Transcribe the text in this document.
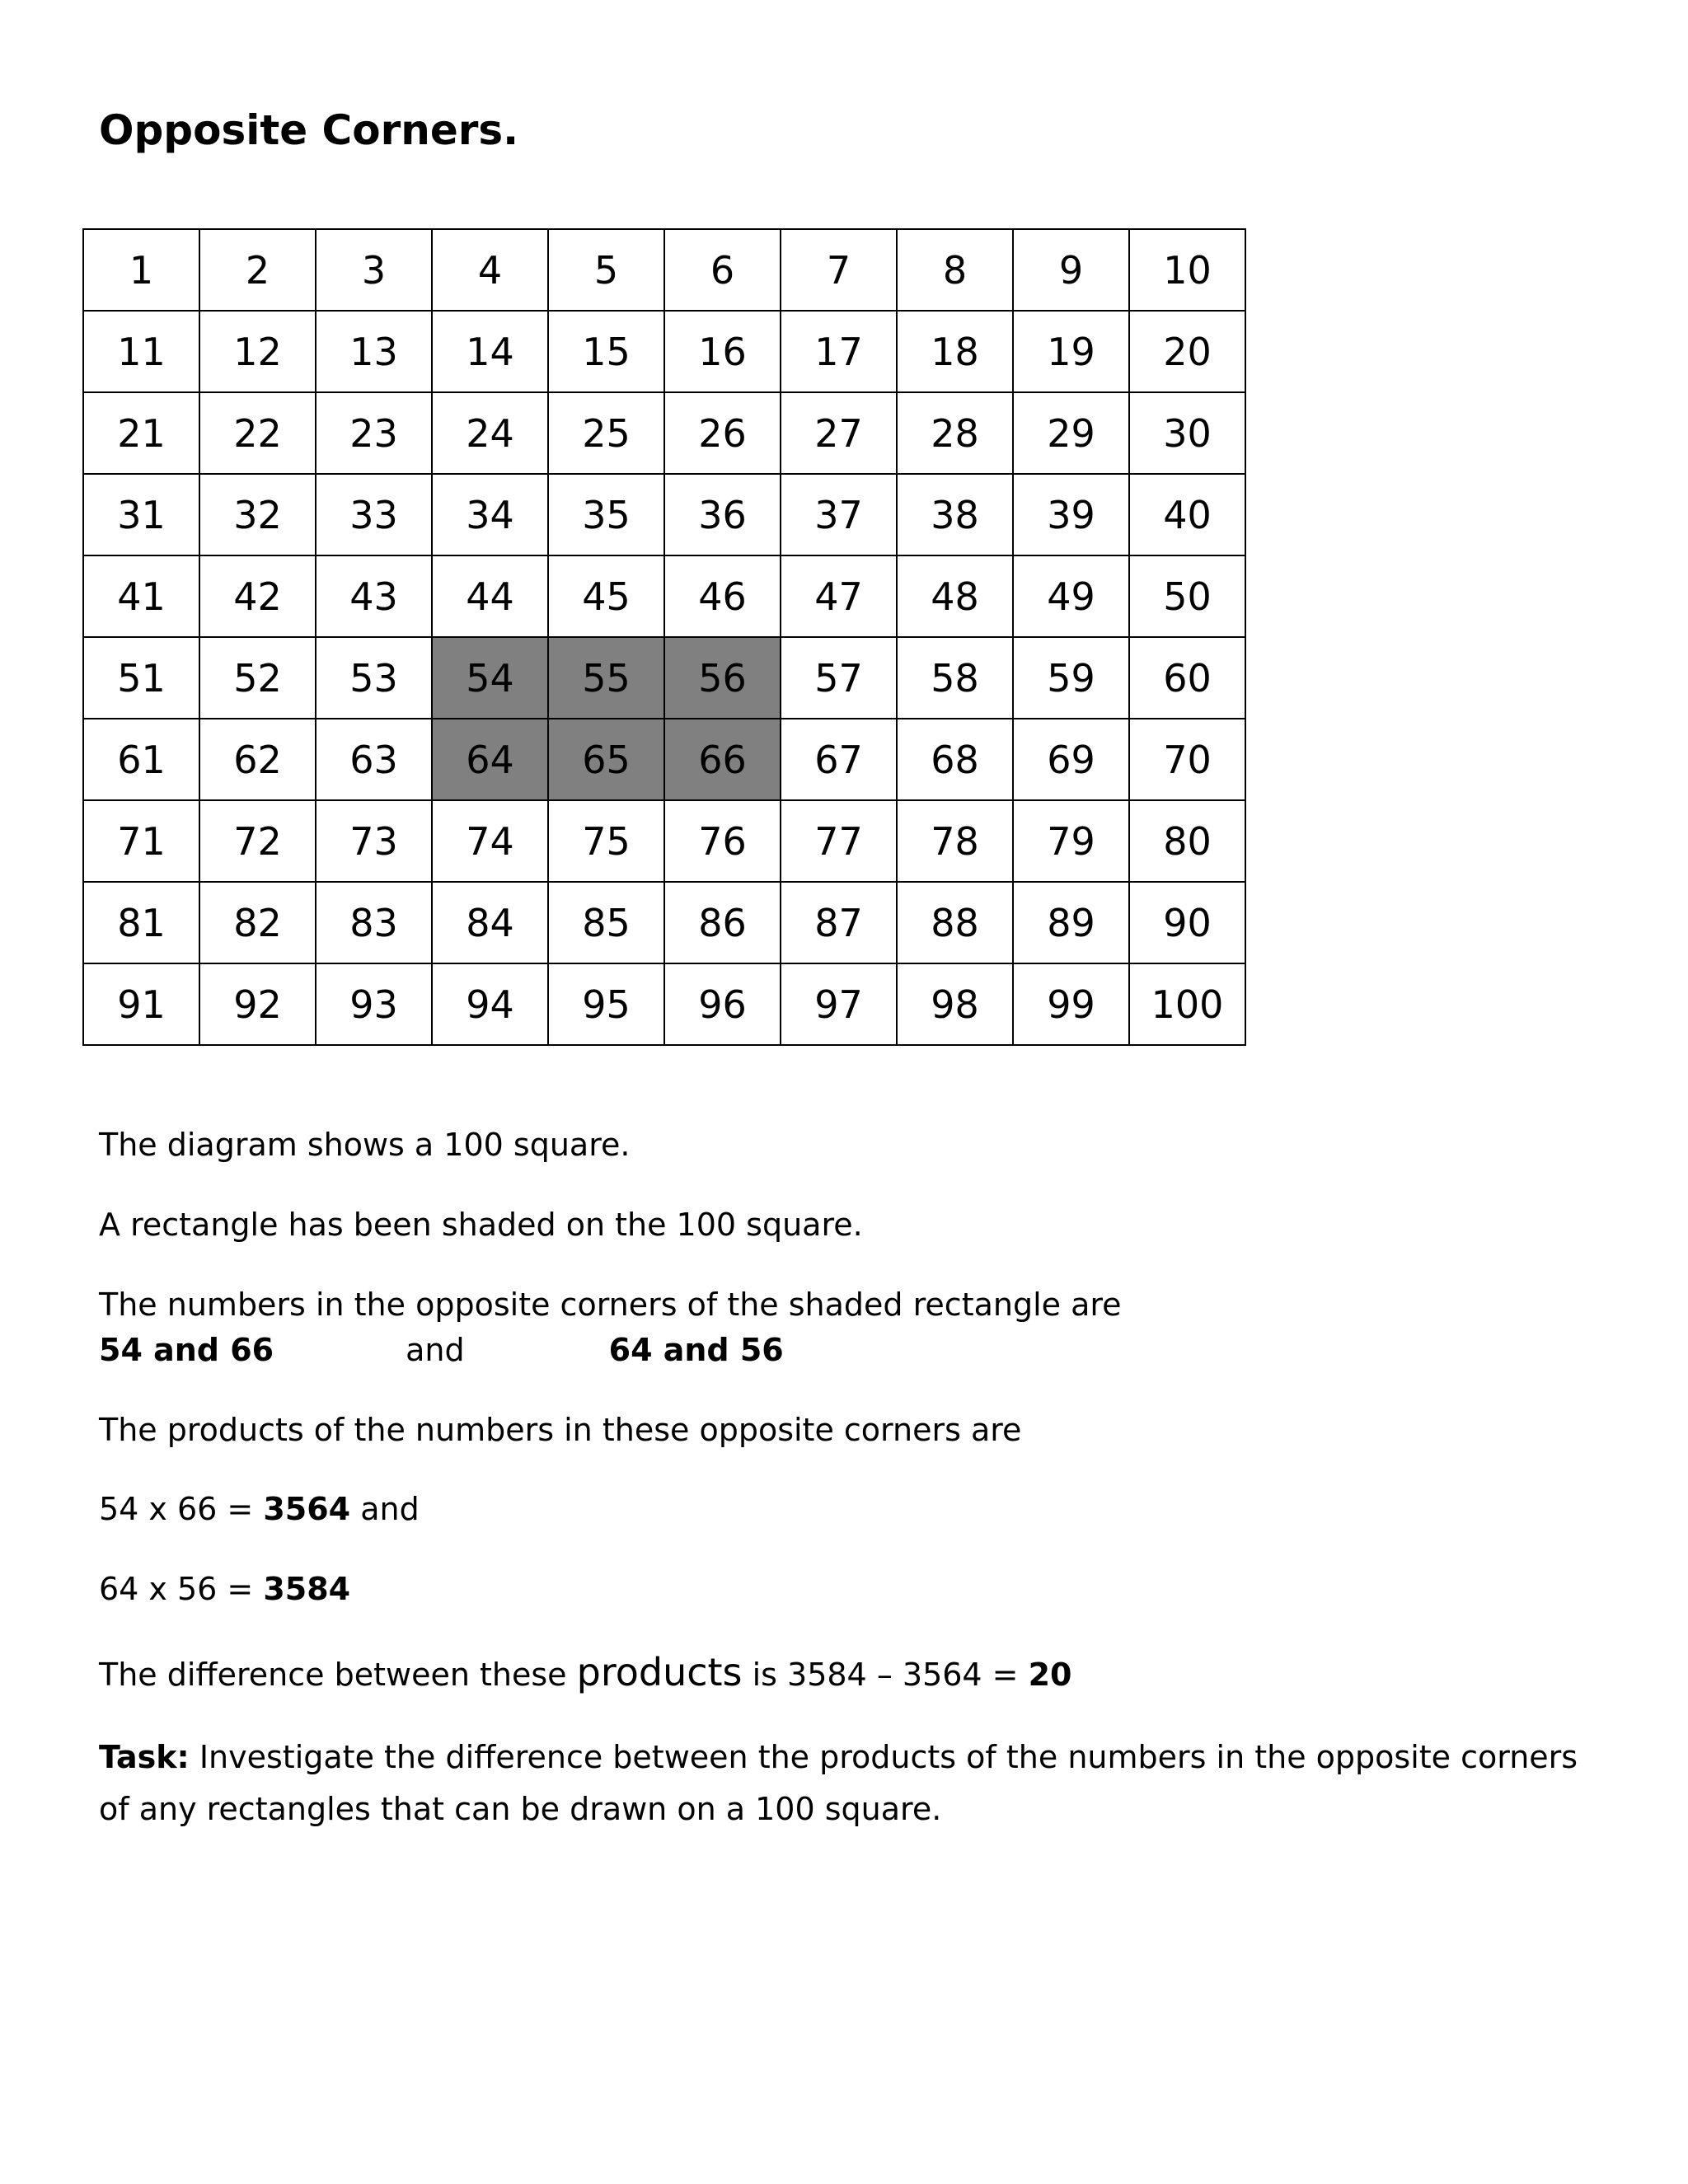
Opposite Corners.
1	2	3	4	5	6	7	8	9	10
11	12	13	14	15	16	17	18	19	20
21	22	23	24	25	26	27	28	29	30
31	32	33	34	35	36	37	38	39	40
41	42	43	44	45	46	47	48	49	50
51	52	53	54	55	56	57	58	59	60
61	62	63	64	65	66	67	68	69	70
71	72	73	74	75	76	77	78	79	80
81	82	83	84	85	86	87	88	89	90
91	92	93	94	95	96	97	98	99	100

The diagram shows a 100 square.

A rectangle has been shaded on the 100 square.

The numbers in the opposite corners of the shaded rectangle are

54 and 66	and	64 and 56

The products of the numbers in these opposite corners are

54 x 66 = 3564 and

64 x 56 = 3584

The difference between these products is 3584 – 3564 = 20

Task: Investigate the difference between the products of the numbers in the opposite corners

of any rectangles that can be drawn on a 100 square.
